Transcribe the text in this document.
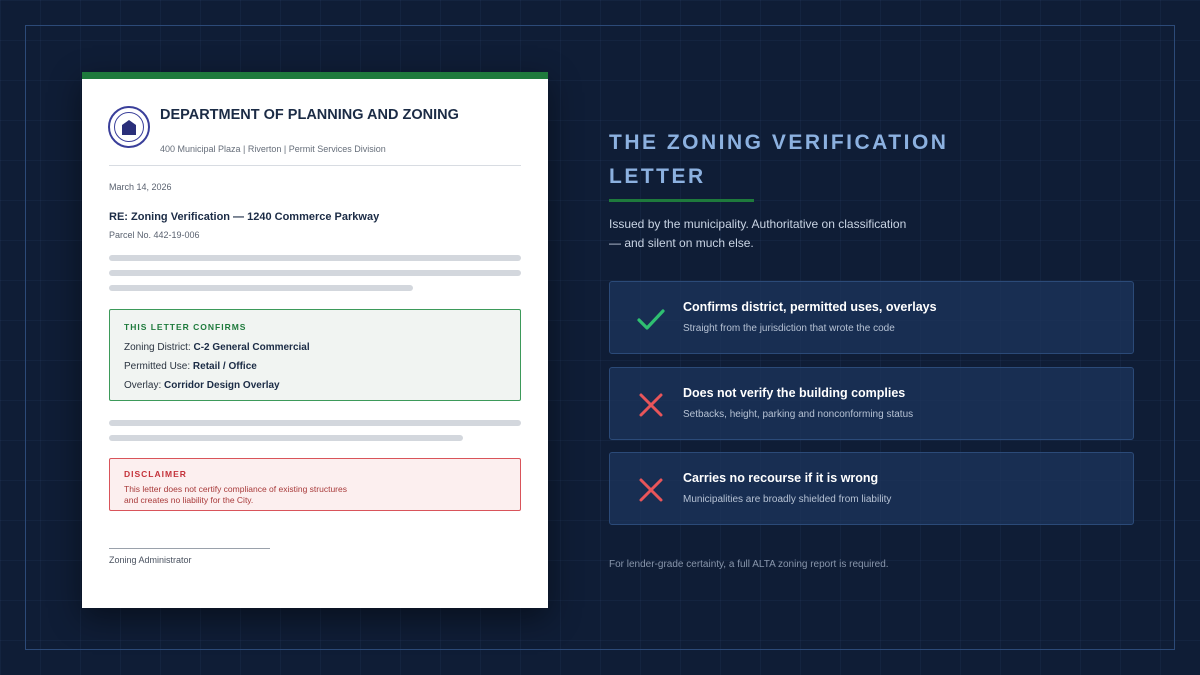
DEPARTMENT OF PLANNING AND ZONING
400 Municipal Plaza | Riverton | Permit Services Division
March 14, 2026
RE: Zoning Verification — 1240 Commerce Parkway
Parcel No. 442-19-006
THIS LETTER CONFIRMS
Zoning District: C-2 General Commercial
Permitted Use: Retail / Office
Overlay: Corridor Design Overlay
DISCLAIMER
This letter does not certify compliance of existing structures and creates no liability for the City.
Zoning Administrator
THE ZONING VERIFICATION LETTER
Issued by the municipality. Authoritative on classification — and silent on much else.
Confirms district, permitted uses, overlays
Straight from the jurisdiction that wrote the code
Does not verify the building complies
Setbacks, height, parking and nonconforming status
Carries no recourse if it is wrong
Municipalities are broadly shielded from liability
For lender-grade certainty, a full ALTA zoning report is required.
